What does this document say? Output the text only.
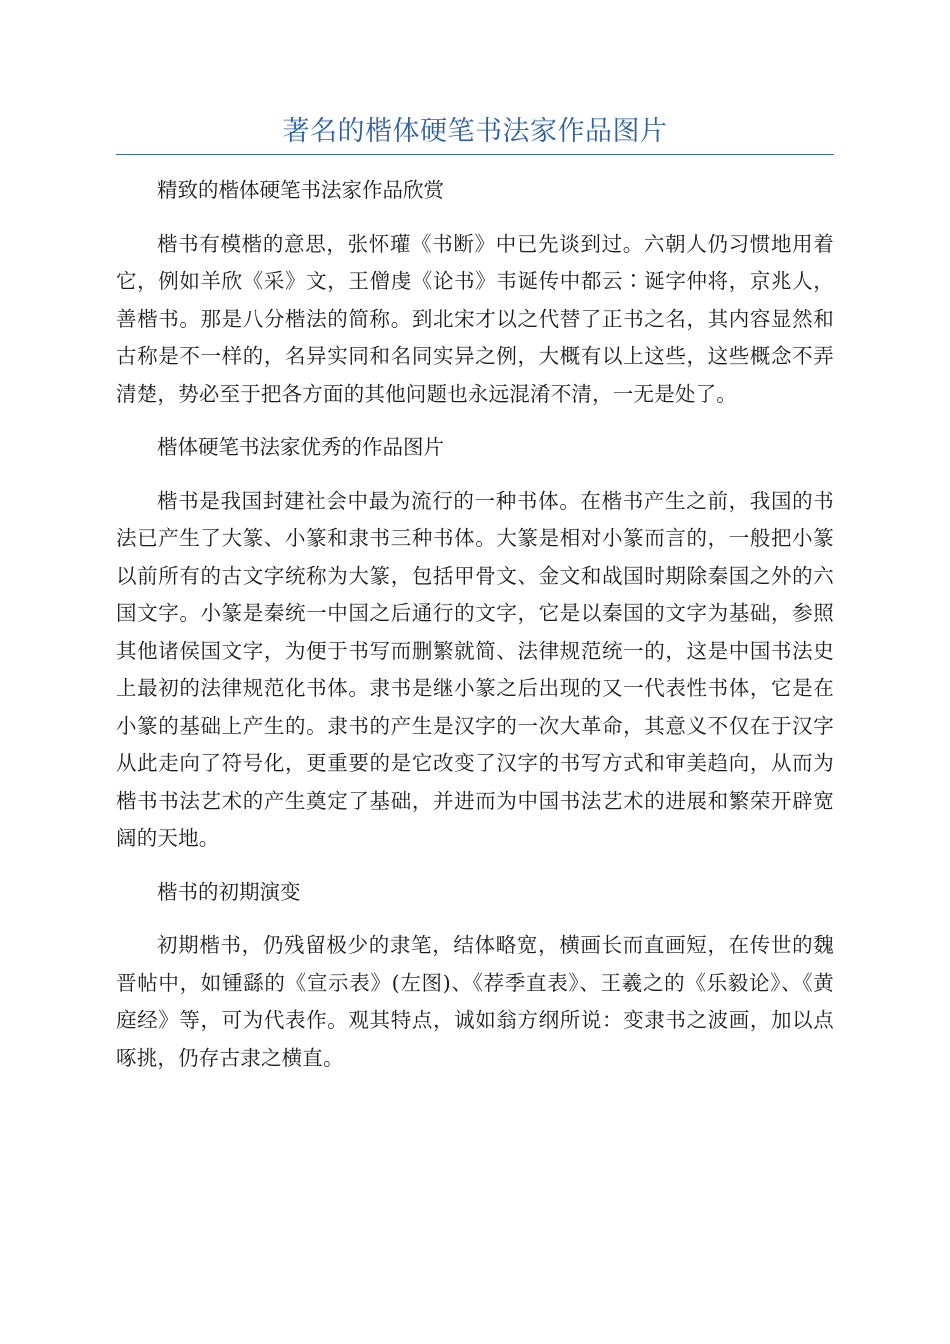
著名的楷体硬笔书法家作品图片

精致的楷体硬笔书法家作品欣赏

楷书有模楷的意思，张怀瓘《书断》中已先谈到过。六朝人仍习惯地用着它，例如羊欣《采》文，王僧虔《论书》韦诞传中都云∶诞字仲将，京兆人，善楷书。那是八分楷法的简称。到北宋才以之代替了正书之名，其内容显然和古称是不一样的，名异实同和名同实异之例，大概有以上这些，这些概念不弄清楚，势必至于把各方面的其他问题也永远混淆不清，一无是处了。

楷体硬笔书法家优秀的作品图片

楷书是我国封建社会中最为流行的一种书体。在楷书产生之前，我国的书法已产生了大篆、小篆和隶书三种书体。大篆是相对小篆而言的，一般把小篆以前所有的古文字统称为大篆，包括甲骨文、金文和战国时期除秦国之外的六国文字。小篆是秦统一中国之后通行的文字，它是以秦国的文字为基础，参照其他诸侯国文字，为便于书写而删繁就简、法律规范统一的，这是中国书法史上最初的法律规范化书体。隶书是继小篆之后出现的又一代表性书体，它是在小篆的基础上产生的。隶书的产生是汉字的一次大革命，其意义不仅在于汉字从此走向了符号化，更重要的是它改变了汉字的书写方式和审美趋向，从而为楷书书法艺术的产生奠定了基础，并进而为中国书法艺术的进展和繁荣开辟宽阔的天地。

楷书的初期演变

初期楷书，仍残留极少的隶笔，结体略宽，横画长而直画短，在传世的魏晋帖中，如锺繇的《宣示表》(左图)、《荐季直表》、王羲之的《乐毅论》、《黄庭经》等，可为代表作。观其特点，诚如翁方纲所说：变隶书之波画，加以点啄挑，仍存古隶之横直。
